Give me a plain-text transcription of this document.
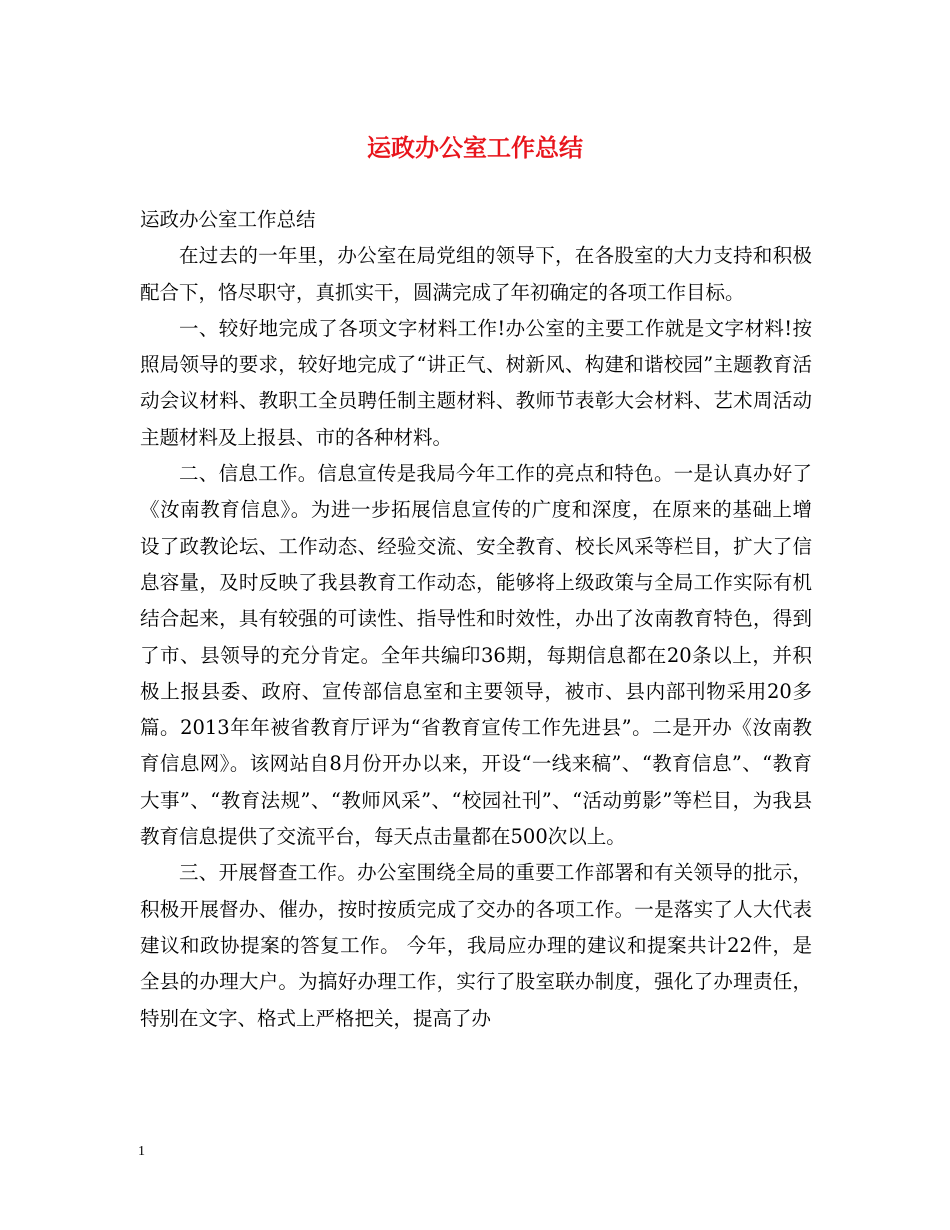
运政办公室工作总结

运政办公室工作总结

在过去的一年里，办公室在局党组的领导下，在各股室的大力支持和积极配合下，恪尽职守，真抓实干，圆满完成了年初确定的各项工作目标。

一、较好地完成了各项文字材料工作!办公室的主要工作就是文字材料!按照局领导的要求，较好地完成了“讲正气、树新风、构建和谐校园”主题教育活动会议材料、教职工全员聘任制主题材料、教师节表彰大会材料、艺术周活动主题材料及上报县、市的各种材料。

二、信息工作。信息宣传是我局今年工作的亮点和特色。一是认真办好了《汝南教育信息》。为进一步拓展信息宣传的广度和深度，在原来的基础上增设了政教论坛、工作动态、经验交流、安全教育、校长风采等栏目，扩大了信息容量，及时反映了我县教育工作动态，能够将上级政策与全局工作实际有机结合起来，具有较强的可读性、指导性和时效性，办出了汝南教育特色，得到了市、县领导的充分肯定。全年共编印36期，每期信息都在20条以上，并积极上报县委、政府、宣传部信息室和主要领导，被市、县内部刊物采用20多篇。2013年年被省教育厅评为“省教育宣传工作先进县”。二是开办《汝南教育信息网》。该网站自8月份开办以来，开设“一线来稿”、“教育信息”、“教育大事”、“教育法规”、“教师风采”、“校园社刊”、“活动剪影”等栏目，为我县教育信息提供了交流平台，每天点击量都在500次以上。

三、开展督查工作。办公室围绕全局的重要工作部署和有关领导的批示，积极开展督办、催办，按时按质完成了交办的各项工作。一是落实了人大代表建议和政协提案的答复工作。 今年，我局应办理的建议和提案共计22件，是全县的办理大户。为搞好办理工作，实行了股室联办制度，强化了办理责任，特别在文字、格式上严格把关，提高了办

1
